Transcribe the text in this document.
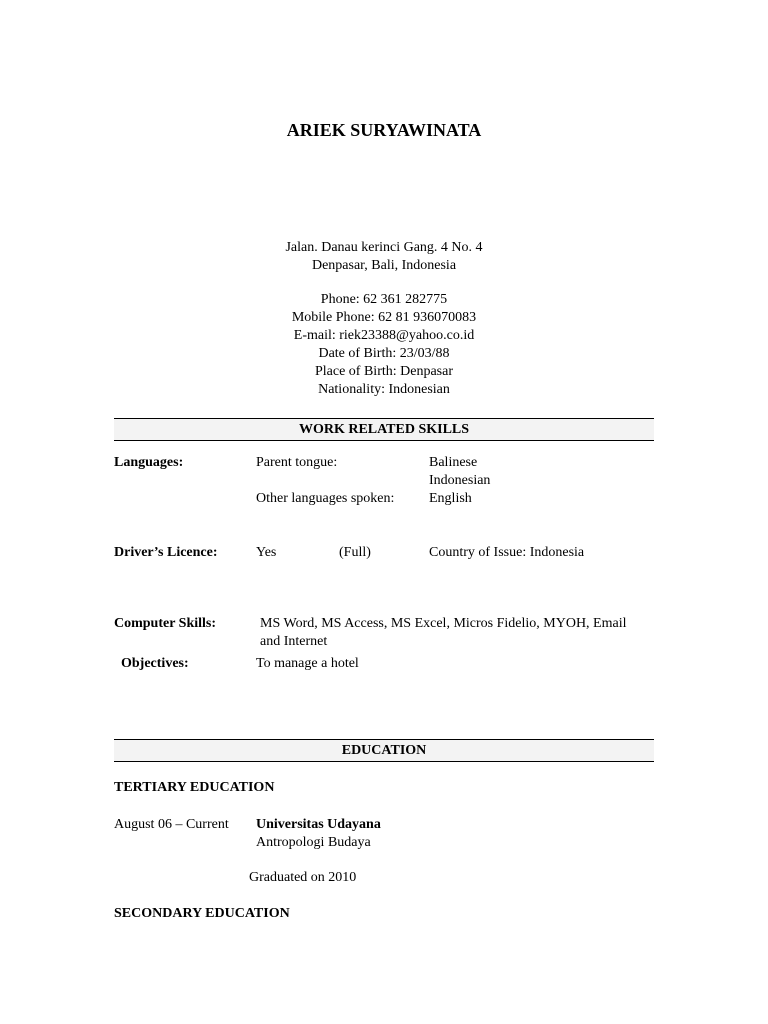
ARIEK SURYAWINATA
Jalan. Danau kerinci Gang. 4 No. 4
Denpasar, Bali, Indonesia
Phone: 62 361 282775
Mobile Phone: 62 81 936070083
E-mail: riek23388@yahoo.co.id
Date of Birth: 23/03/88
Place of Birth: Denpasar
Nationality: Indonesian
WORK RELATED SKILLS
Languages:	Parent tongue:	Balinese
Indonesian
Other languages spoken: English
Driver’s Licence:	Yes	(Full)	Country of Issue: Indonesia
Computer Skills:	MS Word, MS Access, MS Excel, Micros Fidelio, MYOH, Email
and Internet
Objectives:	To manage a hotel
EDUCATION
TERTIARY EDUCATION
August 06 – Current Universitas Udayana
Antropologi Budaya
Graduated on 2010
SECONDARY EDUCATION
